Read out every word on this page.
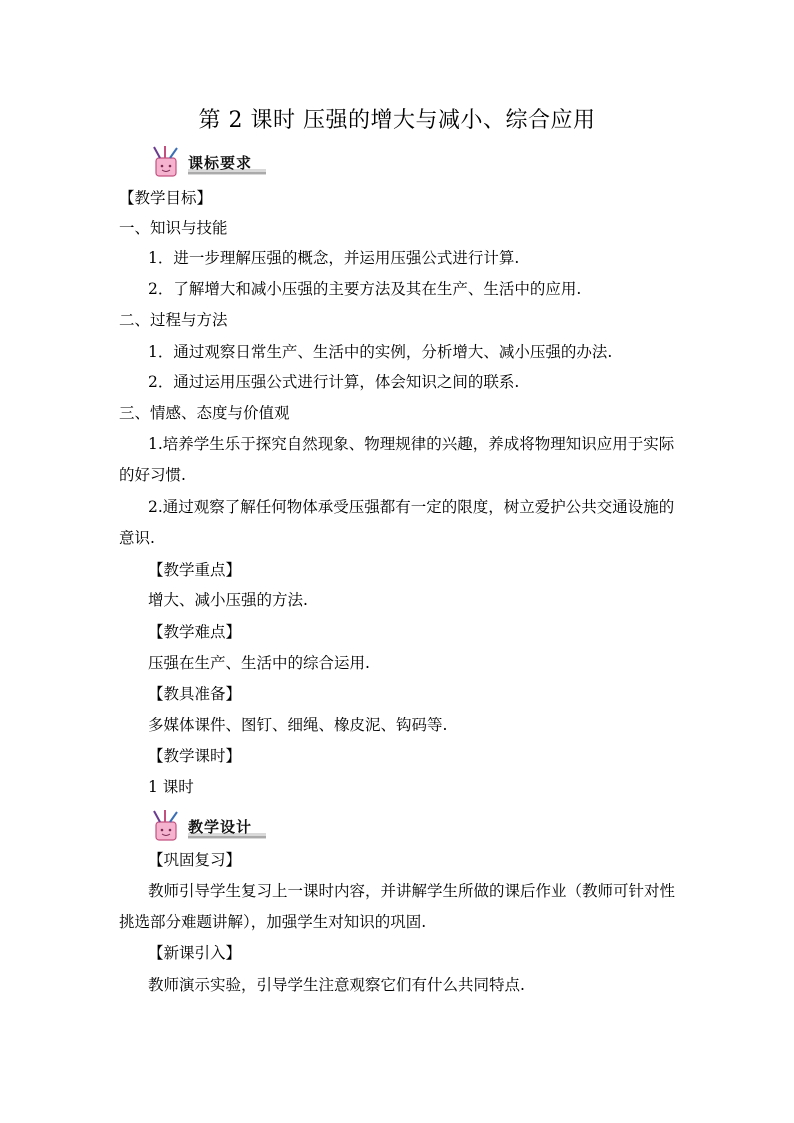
第 2 课时 压强的增大与减小、综合应用
课标要求
【教学目标】
一、知识与技能
1．进一步理解压强的概念，并运用压强公式进行计算.
2．了解增大和减小压强的主要方法及其在生产、生活中的应用.
二、过程与方法
1．通过观察日常生产、生活中的实例，分析增大、减小压强的办法.
2．通过运用压强公式进行计算，体会知识之间的联系.
三、情感、态度与价值观
1.培养学生乐于探究自然现象、物理规律的兴趣，养成将物理知识应用于实际的好习惯.
2.通过观察了解任何物体承受压强都有一定的限度，树立爱护公共交通设施的意识.
【教学重点】
增大、减小压强的方法.
【教学难点】
压强在生产、生活中的综合运用.
【教具准备】
多媒体课件、图钉、细绳、橡皮泥、钩码等.
【教学课时】
1 课时
教学设计
【巩固复习】
教师引导学生复习上一课时内容，并讲解学生所做的课后作业（教师可针对性挑选部分难题讲解），加强学生对知识的巩固.
【新课引入】
教师演示实验，引导学生注意观察它们有什么共同特点.
